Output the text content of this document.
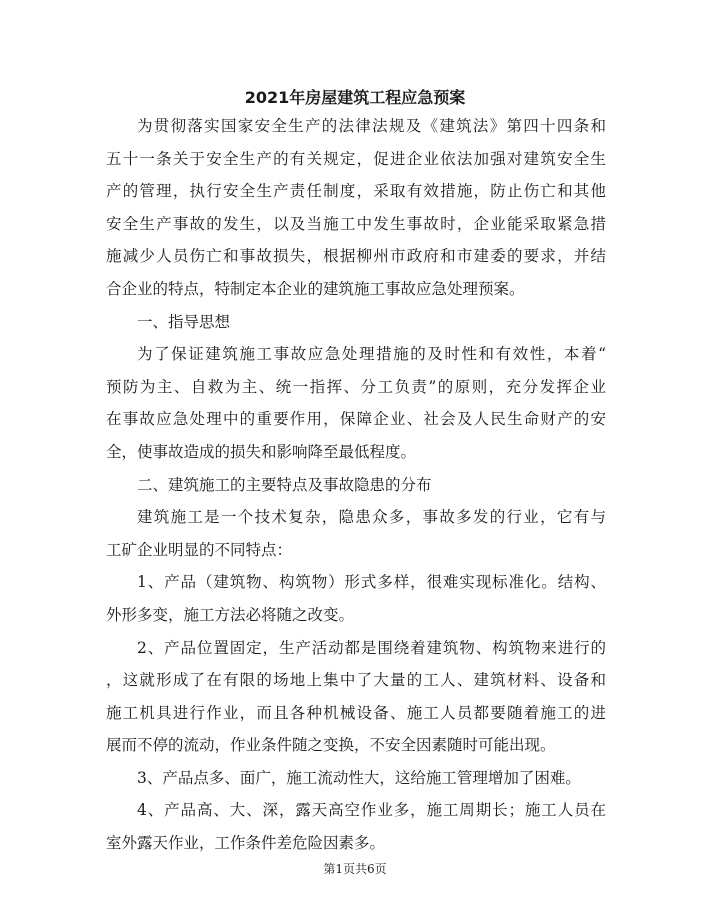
2021年房屋建筑工程应急预案
为贯彻落实国家安全生产的法律法规及《建筑法》第四十四条和
五十一条关于安全生产的有关规定，促进企业依法加强对建筑安全生
产的管理，执行安全生产责任制度，采取有效措施，防止伤亡和其他
安全生产事故的发生，以及当施工中发生事故时，企业能采取紧急措
施减少人员伤亡和事故损失，根据柳州市政府和市建委的要求，并结
合企业的特点，特制定本企业的建筑施工事故应急处理预案。
一、指导思想
为了保证建筑施工事故应急处理措施的及时性和有效性，本着“
预防为主、自救为主、统一指挥、分工负责”的原则，充分发挥企业
在事故应急处理中的重要作用，保障企业、社会及人民生命财产的安
全，使事故造成的损失和影响降至最低程度。
二、建筑施工的主要特点及事故隐患的分布
建筑施工是一个技术复杂，隐患众多，事故多发的行业，它有与
工矿企业明显的不同特点：
1、产品（建筑物、构筑物）形式多样，很难实现标准化。结构、
外形多变，施工方法必将随之改变。
2、产品位置固定，生产活动都是围绕着建筑物、构筑物来进行的
，这就形成了在有限的场地上集中了大量的工人、建筑材料、设备和
施工机具进行作业，而且各种机械设备、施工人员都要随着施工的进
展而不停的流动，作业条件随之变换，不安全因素随时可能出现。
3、产品点多、面广，施工流动性大，这给施工管理增加了困难。
4、产品高、大、深，露天高空作业多，施工周期长；施工人员在
室外露天作业，工作条件差危险因素多。
第1页共6页
